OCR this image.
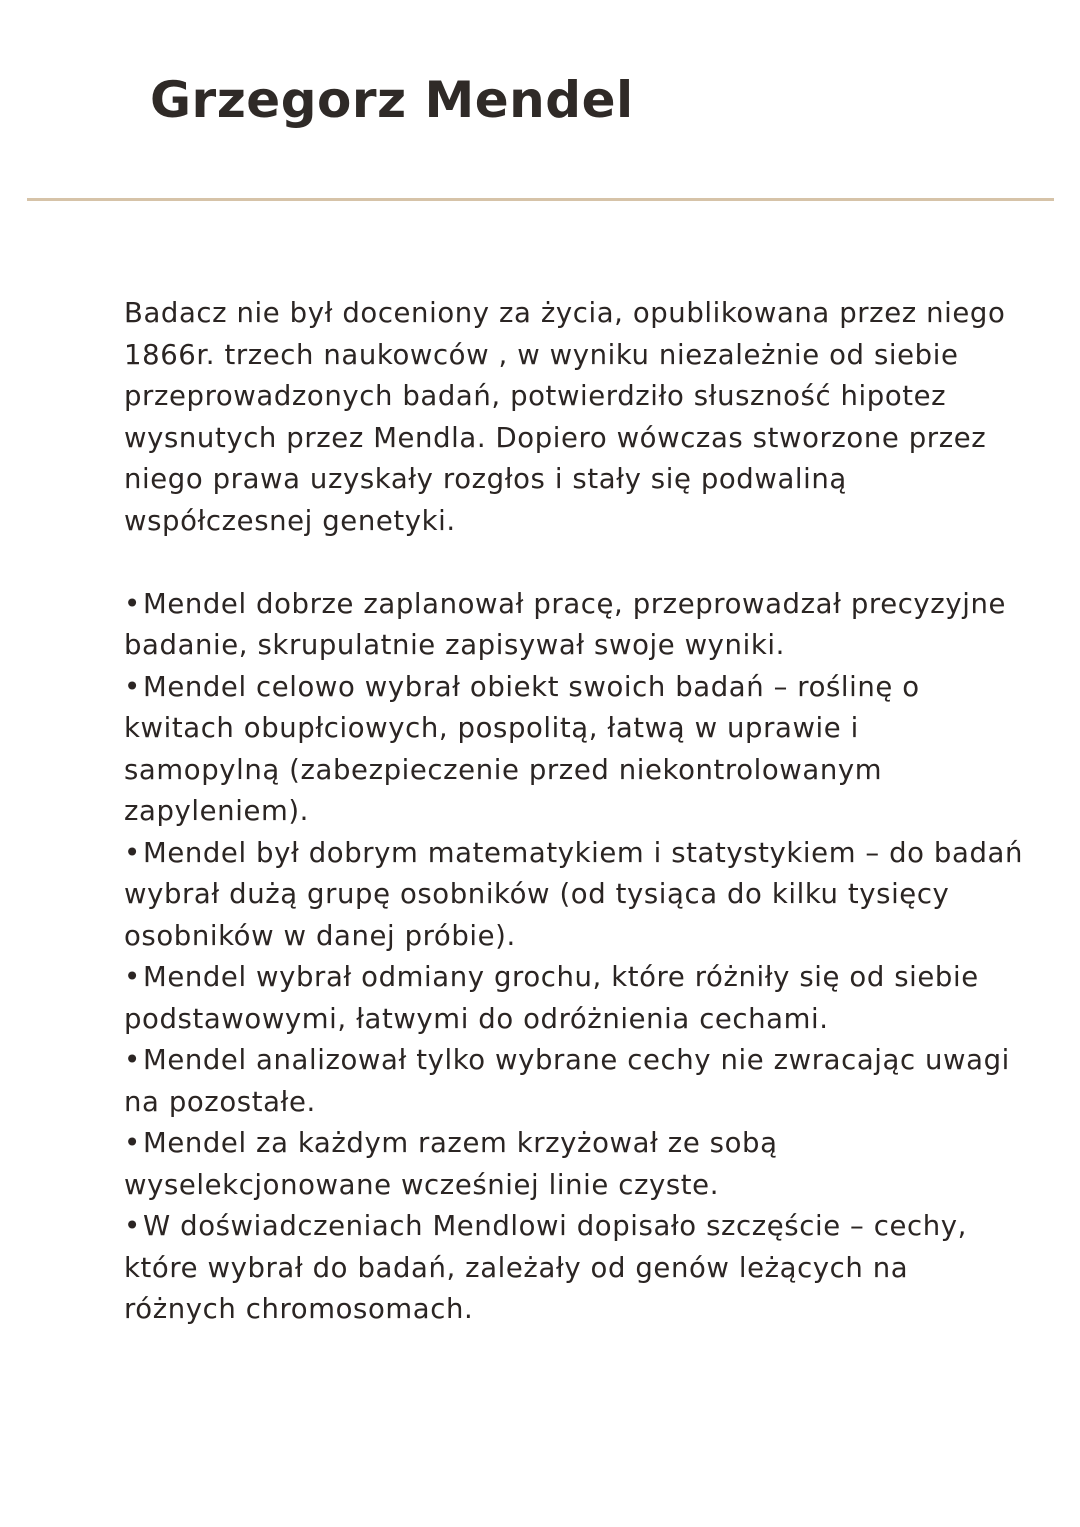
Grzegorz Mendel

Badacz nie był doceniony za życia, opublikowana przez niego 1866r. trzech naukowców , w wyniku niezależnie od siebie przeprowadzonych badań, potwierdziło słuszność hipotez wysnutych przez Mendla. Dopiero wówczas stworzone przez niego prawa uzyskały rozgłos i stały się podwaliną współczesnej genetyki.

•Mendel dobrze zaplanował pracę, przeprowadzał precyzyjne badanie, skrupulatnie zapisywał swoje wyniki.
•Mendel celowo wybrał obiekt swoich badań – roślinę o kwitach obupłciowych, pospolitą, łatwą w uprawie i samopylną (zabezpieczenie przed niekontrolowanym zapyleniem).
•Mendel był dobrym matematykiem i statystykiem – do badań wybrał dużą grupę osobników (od tysiąca do kilku tysięcy osobników w danej próbie).
•Mendel wybrał odmiany grochu, które różniły się od siebie podstawowymi, łatwymi do odróżnienia cechami.
•Mendel analizował tylko wybrane cechy nie zwracając uwagi na pozostałe.
•Mendel za każdym razem krzyżował ze sobą wyselekcjonowane wcześniej linie czyste.
•W doświadczeniach Mendlowi dopisało szczęście – cechy, które wybrał do badań, zależały od genów leżących na różnych chromosomach.
